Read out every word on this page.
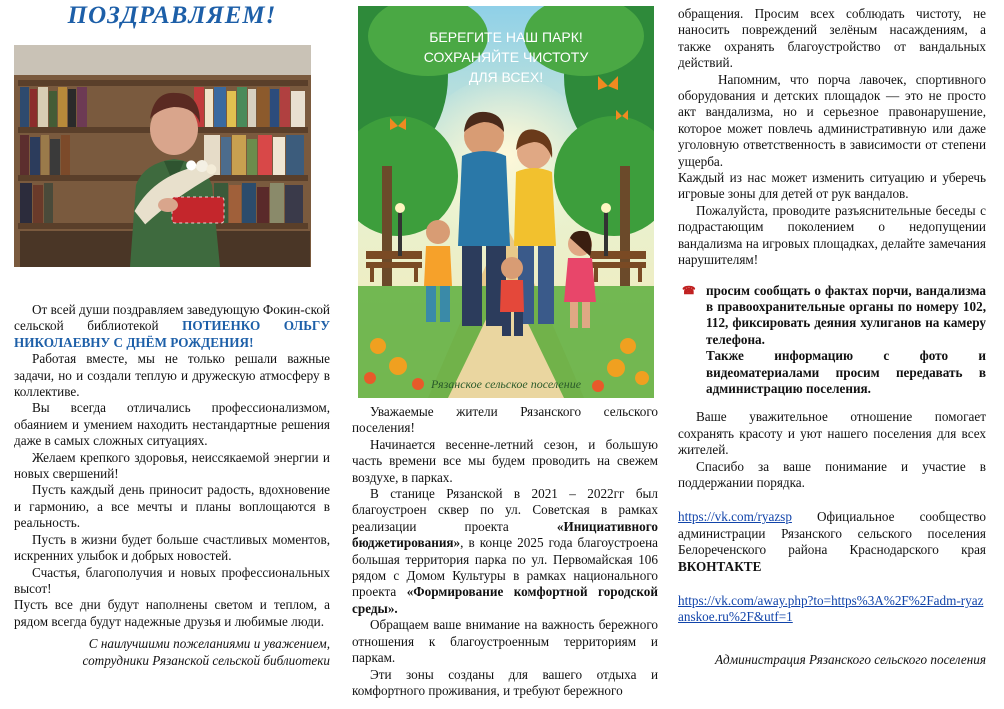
ПОЗДРАВЛЯЕМ!

От всей души поздравляем заведующую Фокин-ской сельской библиотекой ПОТИЕНКО ОЛЬГУ НИКОЛАЕВНУ С ДНЁМ РОЖДЕНИЯ!

Работая вместе, мы не только решали важные задачи, но и создали теплую и дружескую атмосферу в коллективе.

Вы всегда отличались профессионализмом, обаянием и умением находить нестандартные решения даже в самых сложных ситуациях.

Желаем крепкого здоровья, неиссякаемой энергии и новых свершений!

Пусть каждый день приносит радость, вдохновение и гармонию, а все мечты и планы воплощаются в реальность.

Пусть в жизни будет больше счастливых моментов, искренних улыбок и добрых новостей.

Счастья, благополучия и новых профессиональных высот!

Пусть все дни будут наполнены светом и теплом, а рядом всегда будут надежные друзья и любимые люди.

С наилучшими пожеланиями и уважением,

сотрудники Рязанской сельской библиотеки

БЕРЕГИТЕ НАШ ПАРК!
СОХРАНЯЙТЕ ЧИСТОТУ
ДЛЯ ВСЕХ!
Рязанское сельское поселение

Уважаемые жители Рязанского сельского поселения!

Начинается весенне-летний сезон, и большую часть времени все мы будем проводить на свежем воздухе, в парках.

В станице Рязанской в 2021 – 2022гг был благоустроен сквер по ул. Советская в рамках реализации проекта «Инициативного бюджетирования», в конце 2025 года благоустроена большая территория парка по ул. Первомайская 106 рядом с Домом Культуры в рамках национального проекта «Формирование комфортной городской среды».

Обращаем ваше внимание на важность бережного отношения к благоустроенным территориям и паркам.

Эти зоны созданы для вашего отдыха и комфортного проживания, и требуют бережного

обращения. Просим всех соблюдать чистоту, не наносить повреждений зелёным насаждениям, а также охранять благоустройство от вандальных действий.

Напомним, что порча лавочек, спортивного оборудования и детских площадок — это не просто акт вандализма, но и серьезное правонарушение, которое может повлечь административную или даже уголовную ответственность в зависимости от степени ущерба.

Каждый из нас может изменить ситуацию и уберечь игровые зоны для детей от рук вандалов.

Пожалуйста, проводите разъяснительные беседы с подрастающим поколением о недопущении вандализма на игровых площадках, делайте замечания нарушителям!

☎ просим сообщать о фактах порчи, вандализма в правоохранительные органы по номеру 102, 112, фиксировать деяния хулиганов на камеру телефона.

Также информацию с фото и видеоматериалами просим передавать в администрацию поселения.

Ваше уважительное отношение помогает сохранять красоту и уют нашего поселения для всех жителей.

Спасибо за ваше понимание и участие в поддержании порядка.

https://vk.com/ryazsp Официальное сообщество администрации Рязанского сельского поселения Белореченского района Краснодарского края ВКОНТАКТЕ

https://vk.com/away.php?to=https%3A%2F%2Fadm-ryazanskoe.ru%2F&utf=1

Администрация Рязанского сельского поселения
